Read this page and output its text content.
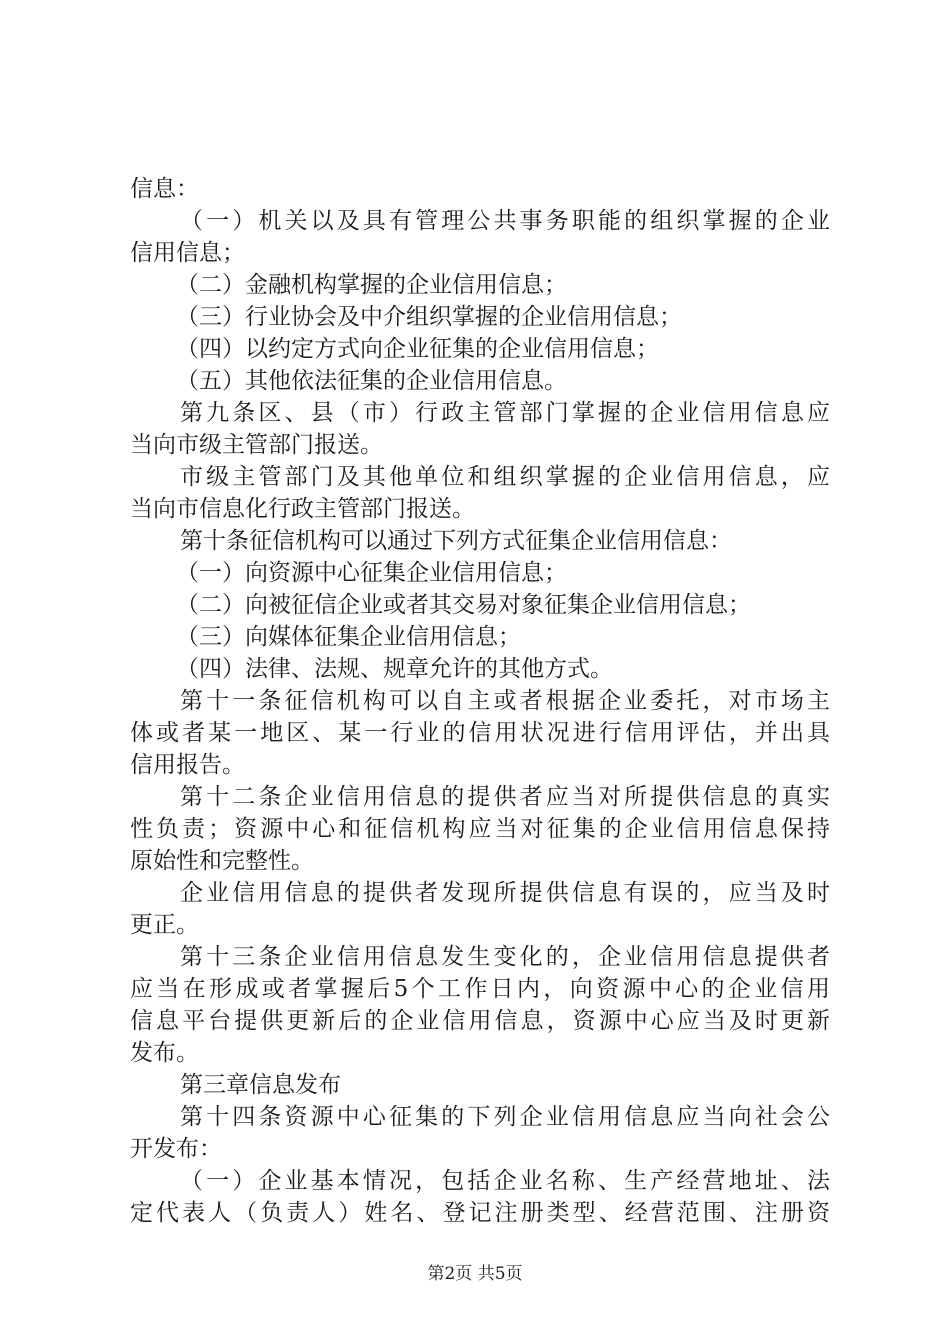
信息：
（一）机关以及具有管理公共事务职能的组织掌握的企业
信用信息；
（二）金融机构掌握的企业信用信息；
（三）行业协会及中介组织掌握的企业信用信息；
（四）以约定方式向企业征集的企业信用信息；
（五）其他依法征集的企业信用信息。
第九条区、县（市）行政主管部门掌握的企业信用信息应
当向市级主管部门报送。
市级主管部门及其他单位和组织掌握的企业信用信息，应
当向市信息化行政主管部门报送。
第十条征信机构可以通过下列方式征集企业信用信息：
（一）向资源中心征集企业信用信息；
（二）向被征信企业或者其交易对象征集企业信用信息；
（三）向媒体征集企业信用信息；
（四）法律、法规、规章允许的其他方式。
第十一条征信机构可以自主或者根据企业委托，对市场主
体或者某一地区、某一行业的信用状况进行信用评估，并出具
信用报告。
第十二条企业信用信息的提供者应当对所提供信息的真实
性负责；资源中心和征信机构应当对征集的企业信用信息保持
原始性和完整性。
企业信用信息的提供者发现所提供信息有误的，应当及时
更正。
第十三条企业信用信息发生变化的，企业信用信息提供者
应当在形成或者掌握后5个工作日内，向资源中心的企业信用
信息平台提供更新后的企业信用信息，资源中心应当及时更新
发布。
第三章信息发布
第十四条资源中心征集的下列企业信用信息应当向社会公
开发布：
（一）企业基本情况，包括企业名称、生产经营地址、法
定代表人（负责人）姓名、登记注册类型、经营范围、注册资
第2页 共5页
